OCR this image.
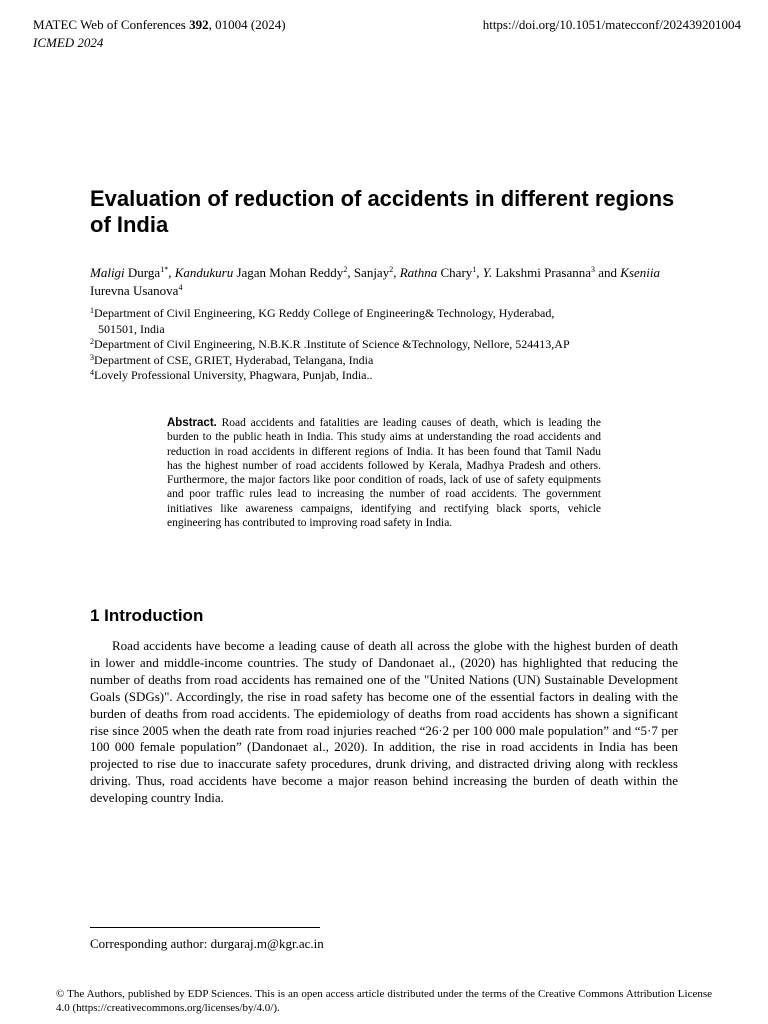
MATEC Web of Conferences 392, 01004 (2024)	https://doi.org/10.1051/matecconf/202439201004
ICMED 2024
Evaluation of reduction of accidents in different regions of India
Maligi Durga$^{1*}$, Kandukuru Jagan Mohan Reddy$^2$, Sanjay$^2$, Rathna Chary$^1$, Y. Lakshmi Prasanna$^3$ and Kseniia Iurevna Usanova$^4$
$^1$Department of Civil Engineering, KG Reddy College of Engineering& Technology, Hyderabad,
501501, India
$^2$Department of Civil Engineering, N.B.K.R .Institute of Science &Technology, Nellore, 524413,AP
$^3$Department of CSE, GRIET, Hyderabad, Telangana, India
$^4$Lovely Professional University, Phagwara, Punjab, India..

Abstract. Road accidents and fatalities are leading causes of death, which is leading the burden to the public heath in India. This study aims at understanding the road accidents and reduction in road accidents in different regions of India. It has been found that Tamil Nadu has the highest number of road accidents followed by Kerala, Madhya Pradesh and others. Furthermore, the major factors like poor condition of roads, lack of use of safety equipments and poor traffic rules lead to increasing the number of road accidents. The government initiatives like awareness campaigns, identifying and rectifying black sports, vehicle engineering has contributed to improving road safety in India.

1 Introduction

Road accidents have become a leading cause of death all across the globe with the highest burden of death in lower and middle-income countries. The study of Dandonaet al., (2020) has highlighted that reducing the number of deaths from road accidents has remained one of the "United Nations (UN) Sustainable Development Goals (SDGs)". Accordingly, the rise in road safety has become one of the essential factors in dealing with the burden of deaths from road accidents. The epidemiology of deaths from road accidents has shown a significant rise since 2005 when the death rate from road injuries reached “26·2 per 100 000 male population” and “5·7 per 100 000 female population” (Dandonaet al., 2020). In addition, the rise in road accidents in India has been projected to rise due to inaccurate safety procedures, drunk driving, and distracted driving along with reckless driving. Thus, road accidents have become a major reason behind increasing the burden of death within the developing country India.

Corresponding author: durgaraj.m@kgr.ac.in

© The Authors, published by EDP Sciences. This is an open access article distributed under the terms of the Creative Commons Attribution License 4.0 (https://creativecommons.org/licenses/by/4.0/).
